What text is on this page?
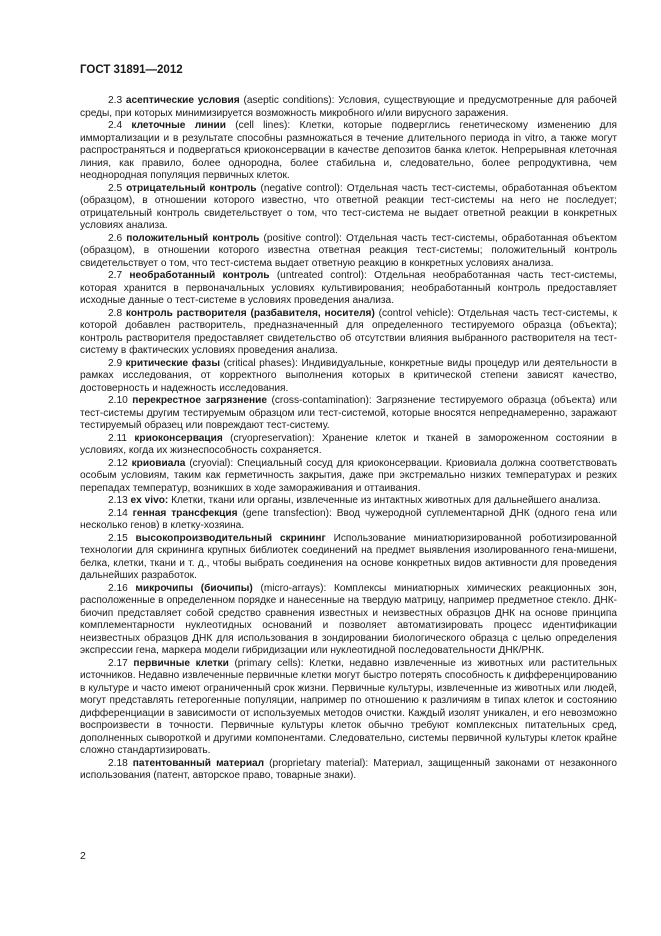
ГОСТ 31891—2012

2.3 асептические условия (aseptic conditions): Условия, существующие и предусмотренные для рабочей среды, при которых минимизируется возможность микробного и/или вирусного заражения.

2.4 клеточные линии (cell lines): Клетки, которые подверглись генетическому изменению для иммортализации и в результате способны размножаться в течение длительного периода in vitro, а также могут распространяться и подвергаться криоконсервации в качестве депозитов банка клеток. Непрерывная клеточная линия, как правило, более однородна, более стабильна и, следовательно, более репродуктивна, чем неоднородная популяция первичных клеток.

2.5 отрицательный контроль (negative control): Отдельная часть тест-системы, обработанная объектом (образцом), в отношении которого известно, что ответной реакции тест-системы на него не последует; отрицательный контроль свидетельствует о том, что тест-система не выдает ответной реакции в конкретных условиях анализа.

2.6 положительный контроль (positive control): Отдельная часть тест-системы, обработанная объектом (образцом), в отношении которого известна ответная реакция тест-системы; положительный контроль свидетельствует о том, что тест-система выдает ответную реакцию в конкретных условиях анализа.

2.7 необработанный контроль (untreated control): Отдельная необработанная часть тест-системы, которая хранится в первоначальных условиях культивирования; необработанный контроль предоставляет исходные данные о тест-системе в условиях проведения анализа.

2.8 контроль растворителя (разбавителя, носителя) (control vehicle): Отдельная часть тест-системы, к которой добавлен растворитель, предназначенный для определенного тестируемого образца (объекта); контроль растворителя предоставляет свидетельство об отсутствии влияния выбранного растворителя на тест-систему в фактических условиях проведения анализа.

2.9 критические фазы (critical phases): Индивидуальные, конкретные виды процедур или деятельности в рамках исследования, от корректного выполнения которых в критической степени зависят качество, достоверность и надежность исследования.

2.10 перекрестное загрязнение (cross-contamination): Загрязнение тестируемого образца (объекта) или тест-системы другим тестируемым образцом или тест-системой, которые вносятся непреднамеренно, заражают тестируемый образец или повреждают тест-систему.

2.11 криоконсервация (cryopreservation): Хранение клеток и тканей в замороженном состоянии в условиях, когда их жизнеспособность сохраняется.

2.12 криовиала (cryovial): Специальный сосуд для криоконсервации. Криовиала должна соответствовать особым условиям, таким как герметичность закрытия, даже при экстремально низких температурах и резких перепадах температур, возникших в ходе замораживания и оттаивания.

2.13 ex vivo: Клетки, ткани или органы, извлеченные из интактных животных для дальнейшего анализа.

2.14 генная трансфекция (gene transfection): Ввод чужеродной суплементарной ДНК (одного гена или несколько генов) в клетку-хозяина.

2.15 высокопроизводительный скрининг Использование миниатюризированной роботизированной технологии для скрининга крупных библиотек соединений на предмет выявления изолированного гена-мишени, белка, клетки, ткани и т. д., чтобы выбрать соединения на основе конкретных видов активности для проведения дальнейших разработок.

2.16 микрочипы (биочипы) (micro-arrays): Комплексы миниатюрных химических реакционных зон, расположенные в определенном порядке и нанесенные на твердую матрицу, например предметное стекло. ДНК-биочип представляет собой средство сравнения известных и неизвестных образцов ДНК на основе принципа комплементарности нуклеотидных оснований и позволяет автоматизировать процесс идентификации неизвестных образцов ДНК для использования в зондировании биологического образца с целью определения экспрессии гена, маркера модели гибридизации или нуклеотидной последовательности ДНК/РНК.

2.17 первичные клетки (primary cells): Клетки, недавно извлеченные из животных или растительных источников. Недавно извлеченные первичные клетки могут быстро потерять способность к дифференцированию в культуре и часто имеют ограниченный срок жизни. Первичные культуры, извлеченные из животных или людей, могут представлять гетерогенные популяции, например по отношению к различиям в типах клеток и состоянию дифференциации в зависимости от используемых методов очистки. Каждый изолят уникален, и его невозможно воспроизвести в точности. Первичные культуры клеток обычно требуют комплексных питательных сред, дополненных сывороткой и другими компонентами. Следовательно, системы первичной культуры клеток крайне сложно стандартизировать.

2.18 патентованный материал (proprietary material): Материал, защищенный законами от незаконного использования (патент, авторское право, товарные знаки).

2
